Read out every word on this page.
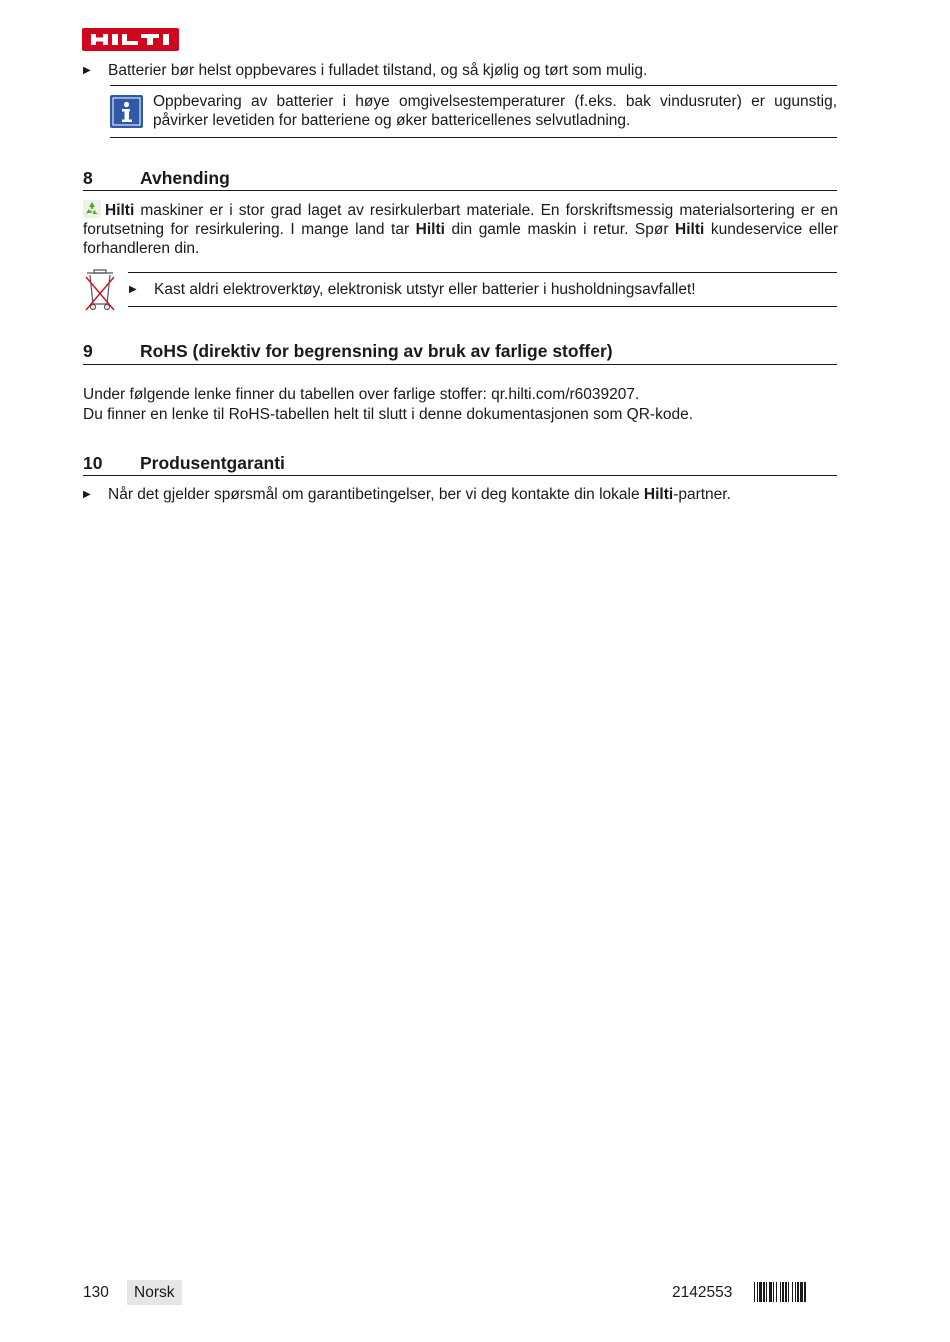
▶	Batterier bør helst oppbevares i fulladet tilstand, og så kjølig og tørt som mulig.
Oppbevaring av batterier i høye omgivelsestemperaturer (f.eks. bak vindusruter) er ugunstig, påvirker levetiden for batteriene og øker battericellenes selvutladning.
8	Avhending
Hilti maskiner er i stor grad laget av resirkulerbart materiale. En forskriftsmessig materialsortering er en forutsetning for resirkulering. I mange land tar Hilti din gamle maskin i retur. Spør Hilti kundeservice eller forhandleren din.
▶	Kast aldri elektroverktøy, elektronisk utstyr eller batterier i husholdningsavfallet!
9	RoHS (direktiv for begrensning av bruk av farlige stoffer)
Under følgende lenke finner du tabellen over farlige stoffer: qr.hilti.com/r6039207.
Du finner en lenke til RoHS-tabellen helt til slutt i denne dokumentasjonen som QR-kode.
10	Produsentgaranti
▶	Når det gjelder spørsmål om garantibetingelser, ber vi deg kontakte din lokale Hilti-partner.
130 Norsk	2142553
